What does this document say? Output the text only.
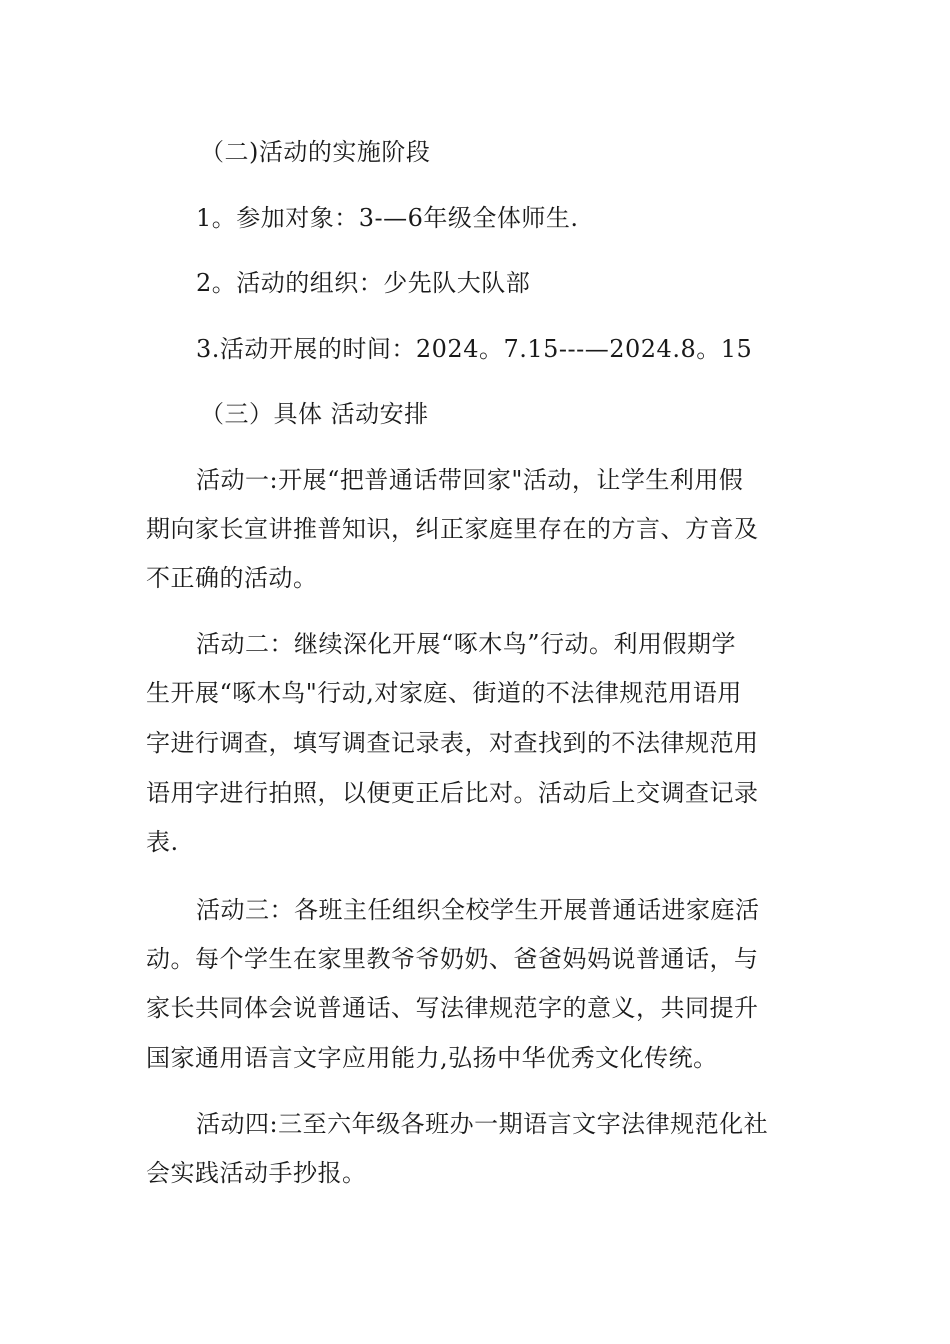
（二)活动的实施阶段
1。参加对象：3-—6年级全体师生.
2。活动的组织：少先队大队部
3.活动开展的时间：2024。7.15---—2024.8。15
（三）具体 活动安排
活动一:开展“把普通话带回家"活动，让学生利用假
期向家长宣讲推普知识，纠正家庭里存在的方言、方音及
不正确的活动。
活动二：继续深化开展“啄木鸟”行动。利用假期学
生开展“啄木鸟"行动,对家庭、街道的不法律规范用语用
字进行调查，填写调查记录表，对查找到的不法律规范用
语用字进行拍照，以便更正后比对。活动后上交调查记录
表.
活动三：各班主任组织全校学生开展普通话进家庭活
动。每个学生在家里教爷爷奶奶、爸爸妈妈说普通话，与
家长共同体会说普通话、写法律规范字的意义，共同提升
国家通用语言文字应用能力,弘扬中华优秀文化传统。
活动四:三至六年级各班办一期语言文字法律规范化社
会实践活动手抄报。
